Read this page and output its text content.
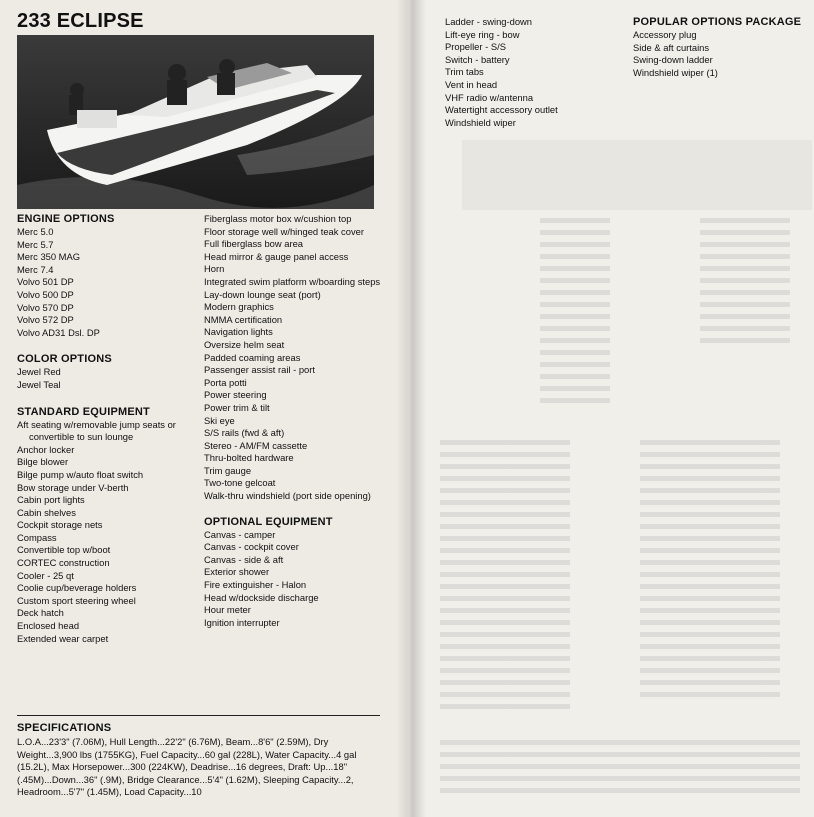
233 ECLIPSE
ENGINE OPTIONS
Merc 5.0
Merc 5.7
Merc 350 MAG
Merc 7.4
Volvo 501 DP
Volvo 500 DP
Volvo 570 DP
Volvo 572 DP
Volvo AD31 Dsl. DP
COLOR OPTIONS
Jewel Red
Jewel Teal
STANDARD EQUIPMENT
Aft seating w/removable jump seats or convertible to sun lounge
Anchor locker
Bilge blower
Bilge pump w/auto float switch
Bow storage under V-berth
Cabin port lights
Cabin shelves
Cockpit storage nets
Compass
Convertible top w/boot
CORTEC construction
Cooler - 25 qt
Coolie cup/beverage holders
Custom sport steering wheel
Deck hatch
Enclosed head
Extended wear carpet
Fiberglass motor box w/cushion top
Floor storage well w/hinged teak cover
Full fiberglass bow area
Head mirror & gauge panel access
Horn
Integrated swim platform w/boarding steps
Lay-down lounge seat (port)
Modern graphics
NMMA certification
Navigation lights
Oversize helm seat
Padded coaming areas
Passenger assist rail - port
Porta potti
Power steering
Power trim & tilt
Ski eye
S/S rails (fwd & aft)
Stereo - AM/FM cassette
Thru-bolted hardware
Trim gauge
Two-tone gelcoat
Walk-thru windshield (port side opening)
OPTIONAL EQUIPMENT
Canvas - camper
Canvas - cockpit cover
Canvas - side & aft
Exterior shower
Fire extinguisher - Halon
Head w/dockside discharge
Hour meter
Ignition interrupter
SPECIFICATIONS
L.O.A...23'3" (7.06M), Hull Length...22'2" (6.76M), Beam...8'6" (2.59M), Dry Weight...3,900 lbs (1755KG), Fuel Capacity...60 gal (228L), Water Capacity...4 gal (15.2L), Max Horsepower...300 (224KW), Deadrise...16 degrees, Draft: Up...18" (.45M)...Down...36" (.9M), Bridge Clearance...5'4" (1.62M), Sleeping Capacity...2, Headroom...5'7" (1.45M), Load Capacity...10
Ladder - swing-down
Lift-eye ring - bow
Propeller - S/S
Switch - battery
Trim tabs
Vent in head
VHF radio w/antenna
Watertight accessory outlet
Windshield wiper
POPULAR OPTIONS PACKAGE
Accessory plug
Side & aft curtains
Swing-down ladder
Windshield wiper (1)
